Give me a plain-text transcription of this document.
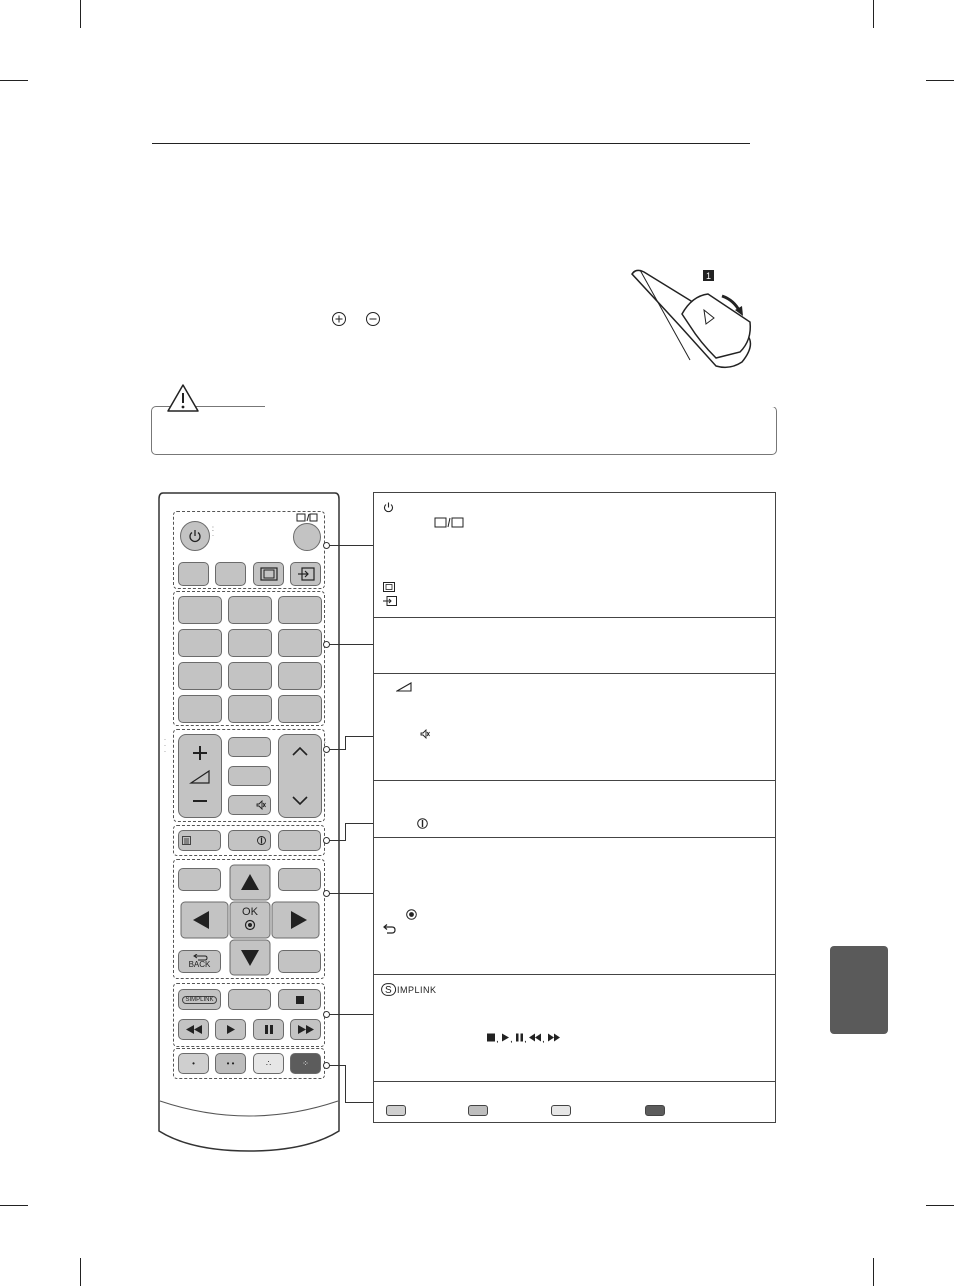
1
⁚
·
·
·
·
⁚
BACK
OK
SIMPLINK
•	• •	∴	⁘
S IMPLINK
, , , ,
